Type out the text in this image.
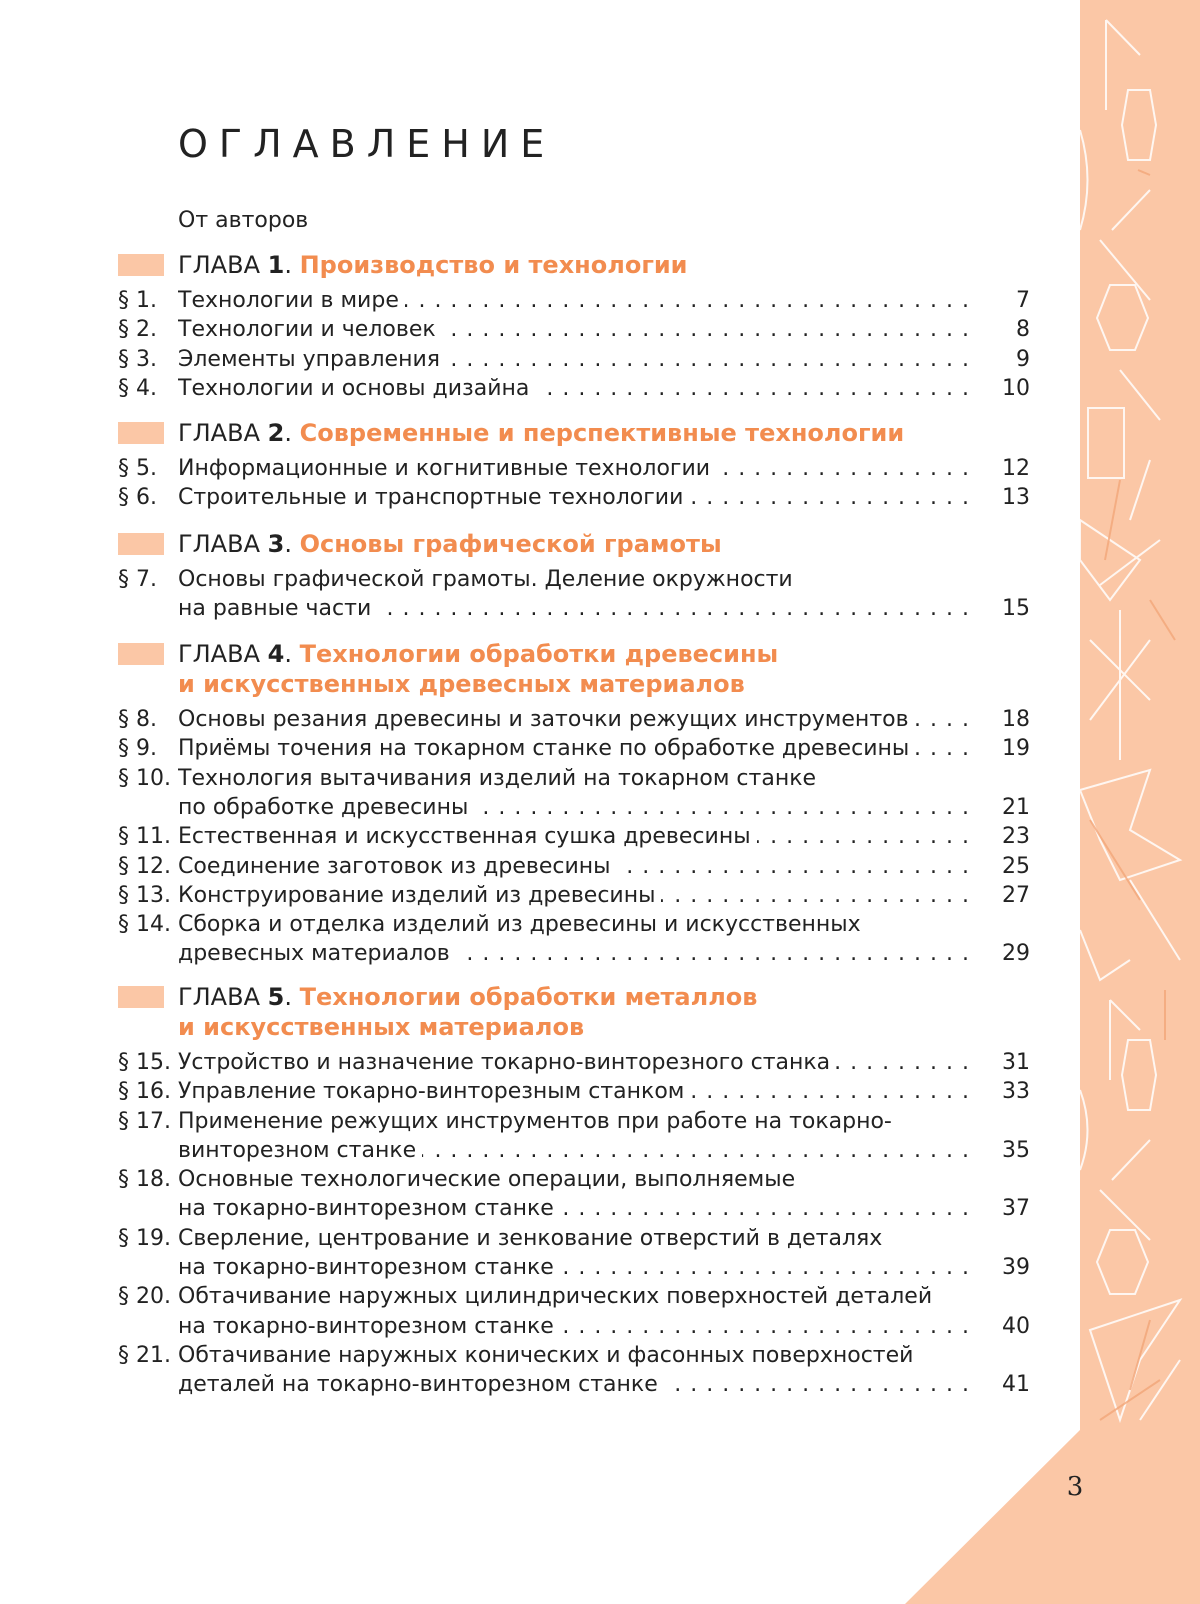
ОГЛАВЛЕНИЕ
От авторов
ГЛАВА 1. Производство и технологии
§ 1. Технологии в мире . . .	7
§ 2. Технологии и человек . . .	8
§ 3. Элементы управления . . .	9
§ 4. Технологии и основы дизайна . . .	10
ГЛАВА 2. Современные и перспективные технологии
§ 5. Информационные и когнитивные технологии . . .	12
§ 6. Строительные и транспортные технологии . . .	13
ГЛАВА 3. Основы графической грамоты
§ 7. Основы графической грамоты. Деление окружности
на равные части . . .	15
ГЛАВА 4. Технологии обработки древесины
и искусственных древесных материалов
§ 8. Основы резания древесины и заточки режущих инструментов . . .	18
§ 9. Приёмы точения на токарном станке по обработке древесины . . .	19
§ 10. Технология вытачивания изделий на токарном станке
по обработке древесины . . .	21
§ 11. Естественная и искусственная сушка древесины . . .	23
§ 12. Соединение заготовок из древесины . . .	25
§ 13. Конструирование изделий из древесины . . .	27
§ 14. Сборка и отделка изделий из древесины и искусственных
древесных материалов . . .	29
ГЛАВА 5. Технологии обработки металлов
и искусственных материалов
§ 15. Устройство и назначение токарно-винторезного станка . . .	31
§ 16. Управление токарно-винторезным станком . . .	33
§ 17. Применение режущих инструментов при работе на токарно-
винторезном станке . . .	35
§ 18. Основные технологические операции, выполняемые
на токарно-винторезном станке . . .	37
§ 19. Сверление, центрование и зенкование отверстий в деталях
на токарно-винторезном станке . . .	39
§ 20. Обтачивание наружных цилиндрических поверхностей деталей
на токарно-винторезном станке . . .	40
§ 21. Обтачивание наружных конических и фасонных поверхностей
деталей на токарно-винторезном станке . . .	41
3
